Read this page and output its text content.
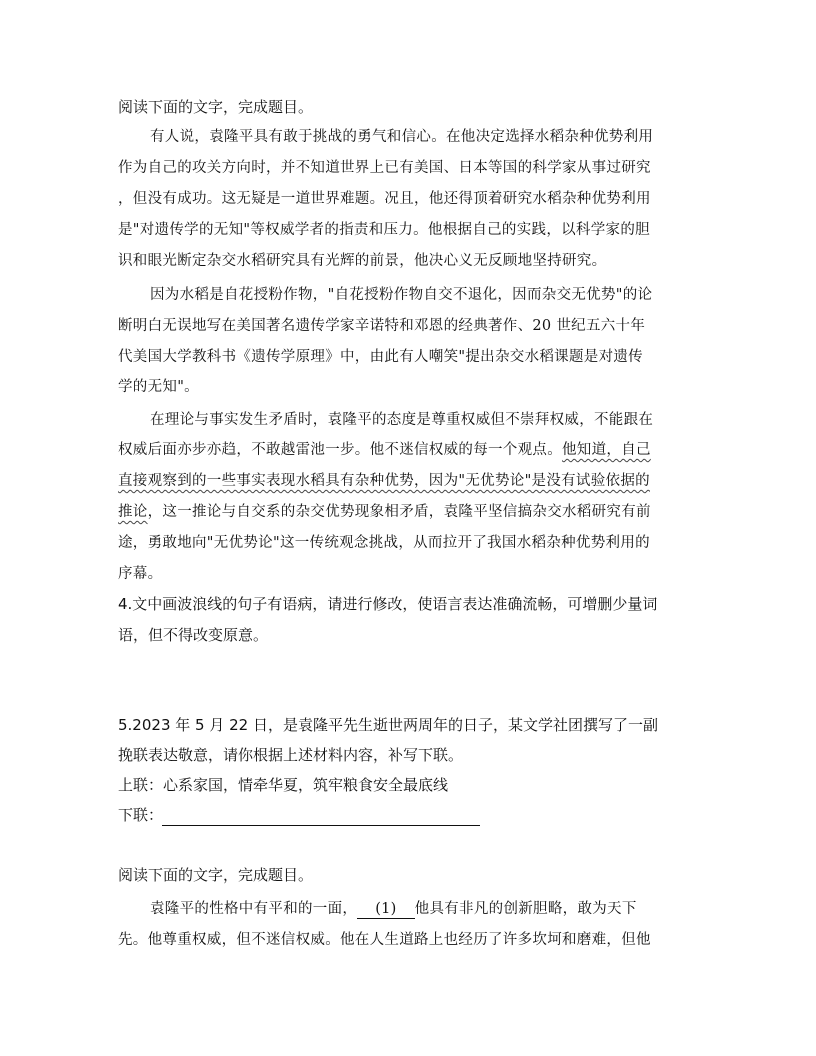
阅读下面的文字，完成题目。
有人说，袁隆平具有敢于挑战的勇气和信心。在他决定选择水稻杂种优势利用
作为自己的攻关方向时，并不知道世界上已有美国、日本等国的科学家从事过研究
，但没有成功。这无疑是一道世界难题。况且，他还得顶着研究水稻杂种优势利用
是"对遗传学的无知"等权威学者的指责和压力。他根据自己的实践，以科学家的胆
识和眼光断定杂交水稻研究具有光辉的前景，他决心义无反顾地坚持研究。
因为水稻是自花授粉作物，"自花授粉作物自交不退化，因而杂交无优势"的论
断明白无误地写在美国著名遗传学家辛诺特和邓恩的经典著作、20 世纪五六十年
代美国大学教科书《遗传学原理》中，由此有人嘲笑"提出杂交水稻课题是对遗传
学的无知"。
在理论与事实发生矛盾时，袁隆平的态度是尊重权威但不崇拜权威，不能跟在
权威后面亦步亦趋，不敢越雷池一步。他不迷信权威的每一个观点。他知道，自己
直接观察到的一些事实表现水稻具有杂种优势，因为"无优势论"是没有试验依据的
推论，这一推论与自交系的杂交优势现象相矛盾，袁隆平坚信搞杂交水稻研究有前
途，勇敢地向"无优势论"这一传统观念挑战，从而拉开了我国水稻杂种优势利用的
序幕。
4.文中画波浪线的句子有语病，请进行修改，使语言表达准确流畅，可增删少量词
语，但不得改变原意。
5.2023 年 5 月 22 日，是袁隆平先生逝世两周年的日子，某文学社团撰写了一副
挽联表达敬意，请你根据上述材料内容，补写下联。
上联：心系家国，情牵华夏，筑牢粮食安全最底线
下联：
阅读下面的文字，完成题目。
袁隆平的性格中有平和的一面， (1) 他具有非凡的创新胆略，敢为天下
先。他尊重权威，但不迷信权威。他在人生道路上也经历了许多坎坷和磨难，但他
